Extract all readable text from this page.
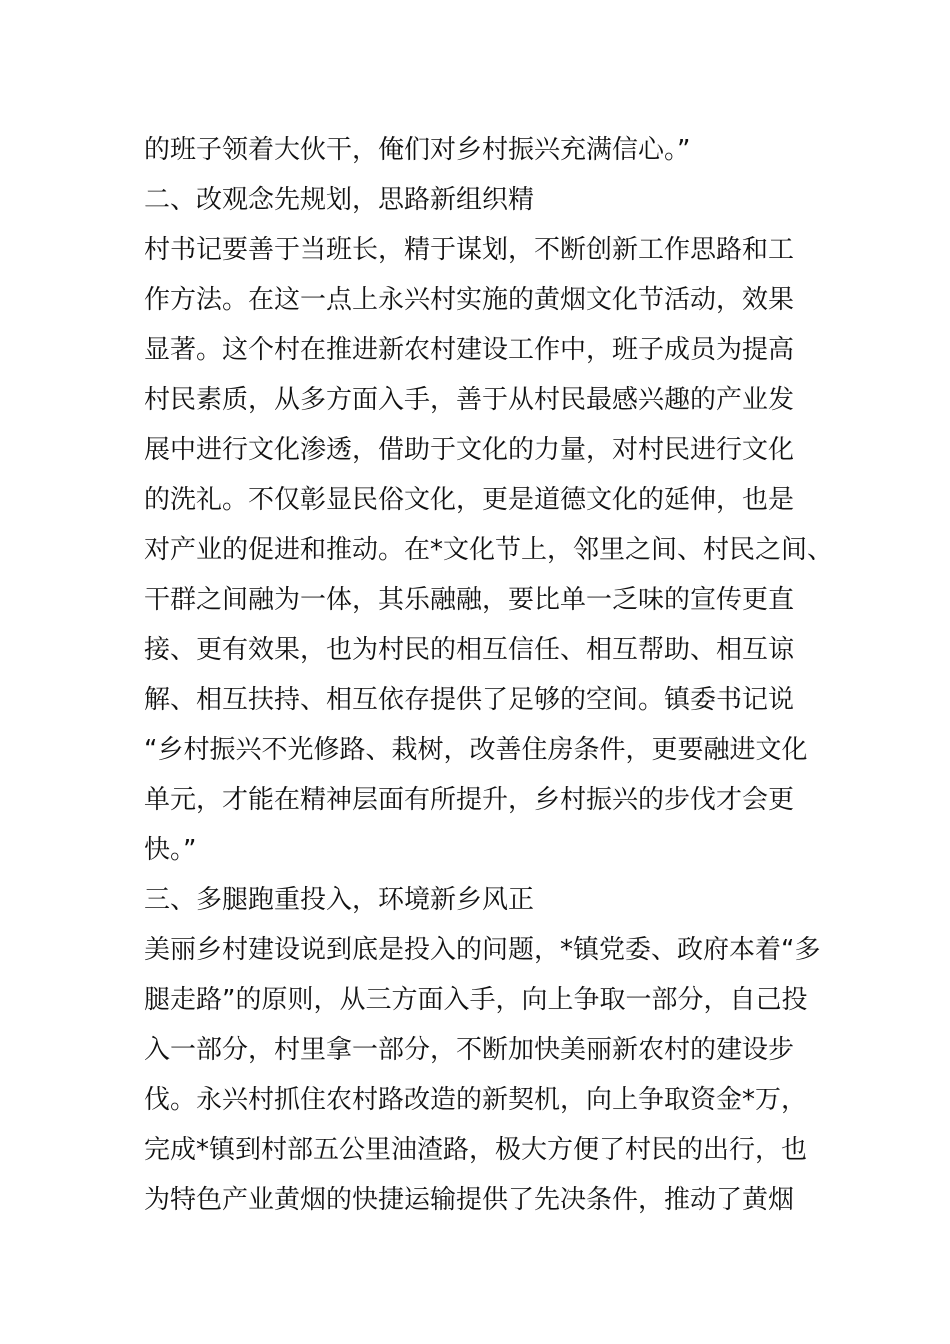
的班子领着大伙干，俺们对乡村振兴充满信心。”
二、改观念先规划，思路新组织精
村书记要善于当班长，精于谋划，不断创新工作思路和工
作方法。在这一点上永兴村实施的黄烟文化节活动，效果
显著。这个村在推进新农村建设工作中，班子成员为提高
村民素质，从多方面入手，善于从村民最感兴趣的产业发
展中进行文化渗透，借助于文化的力量，对村民进行文化
的洗礼。不仅彰显民俗文化，更是道德文化的延伸，也是
对产业的促进和推动。在*文化节上，邻里之间、村民之间、
干群之间融为一体，其乐融融，要比单一乏味的宣传更直
接、更有效果，也为村民的相互信任、相互帮助、相互谅
解、相互扶持、相互依存提供了足够的空间。镇委书记说
“乡村振兴不光修路、栽树，改善住房条件，更要融进文化
单元，才能在精神层面有所提升，乡村振兴的步伐才会更
快。”
三、多腿跑重投入，环境新乡风正
美丽乡村建设说到底是投入的问题，*镇党委、政府本着“多
腿走路”的原则，从三方面入手，向上争取一部分，自己投
入一部分，村里拿一部分，不断加快美丽新农村的建设步
伐。永兴村抓住农村路改造的新契机，向上争取资金*万，
完成*镇到村部五公里油渣路，极大方便了村民的出行，也
为特色产业黄烟的快捷运输提供了先决条件，推动了黄烟
